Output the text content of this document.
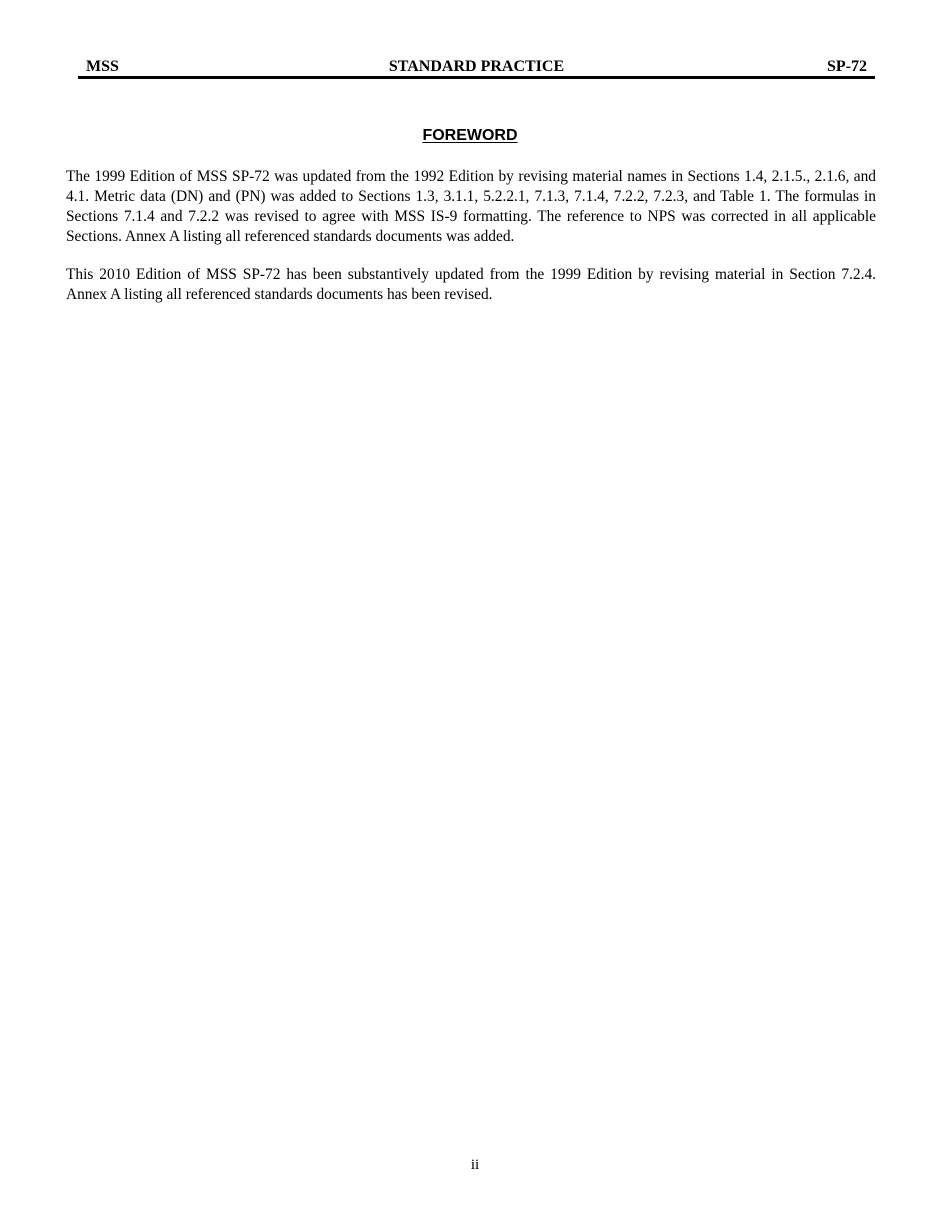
MSS	STANDARD PRACTICE	SP-72
FOREWORD

The 1999 Edition of MSS SP-72 was updated from the 1992 Edition by revising material names in Sections 1.4, 2.1.5., 2.1.6, and 4.1. Metric data (DN) and (PN) was added to Sections 1.3, 3.1.1, 5.2.2.1, 7.1.3, 7.1.4, 7.2.2, 7.2.3, and Table 1. The formulas in Sections 7.1.4 and 7.2.2 was revised to agree with MSS IS-9 formatting. The reference to NPS was corrected in all applicable Sections. Annex A listing all referenced standards documents was added.

This 2010 Edition of MSS SP-72 has been substantively updated from the 1999 Edition by revising material in Section 7.2.4. Annex A listing all referenced standards documents has been revised.

ii
